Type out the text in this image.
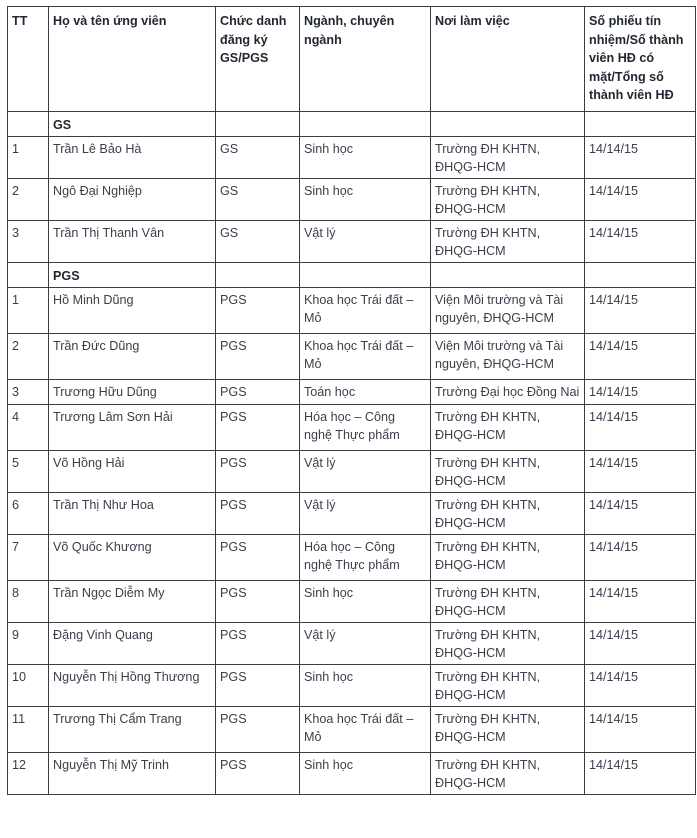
TT	Họ và tên ứng viên	Chức danh đăng ký GS/PGS	Ngành, chuyên ngành	Nơi làm việc	Số phiếu tín nhiệm/Số thành viên HĐ có mặt/Tổng số thành viên HĐ
	GS				
1	Trần Lê Bảo Hà	GS	Sinh học	Trường ĐH KHTN, ĐHQG-HCM	14/14/15
2	Ngô Đại Nghiệp	GS	Sinh học	Trường ĐH KHTN, ĐHQG-HCM	14/14/15
3	Trần Thị Thanh Vân	GS	Vật lý	Trường ĐH KHTN, ĐHQG-HCM	14/14/15
	PGS				
1	Hồ Minh Dũng	PGS	Khoa học Trái đất – Mỏ	Viện Môi trường và Tài nguyên, ĐHQG-HCM	14/14/15
2	Trần Đức Dũng	PGS	Khoa học Trái đất – Mỏ	Viện Môi trường và Tài nguyên, ĐHQG-HCM	14/14/15
3	Trương Hữu Dũng	PGS	Toán học	Trường Đại học Đồng Nai	14/14/15
4	Trương Lâm Sơn Hải	PGS	Hóa học – Công nghệ Thực phẩm	Trường ĐH KHTN, ĐHQG-HCM	14/14/15
5	Võ Hồng Hải	PGS	Vật lý	Trường ĐH KHTN, ĐHQG-HCM	14/14/15
6	Trần Thị Như Hoa	PGS	Vật lý	Trường ĐH KHTN, ĐHQG-HCM	14/14/15
7	Võ Quốc Khương	PGS	Hóa học – Công nghệ Thực phẩm	Trường ĐH KHTN, ĐHQG-HCM	14/14/15
8	Trần Ngọc Diễm My	PGS	Sinh học	Trường ĐH KHTN, ĐHQG-HCM	14/14/15
9	Đặng Vinh Quang	PGS	Vật lý	Trường ĐH KHTN, ĐHQG-HCM	14/14/15
10	Nguyễn Thị Hồng Thương	PGS	Sinh học	Trường ĐH KHTN, ĐHQG-HCM	14/14/15
11	Trương Thị Cẩm Trang	PGS	Khoa học Trái đất – Mỏ	Trường ĐH KHTN, ĐHQG-HCM	14/14/15
12	Nguyễn Thị Mỹ Trinh	PGS	Sinh học	Trường ĐH KHTN, ĐHQG-HCM	14/14/15
